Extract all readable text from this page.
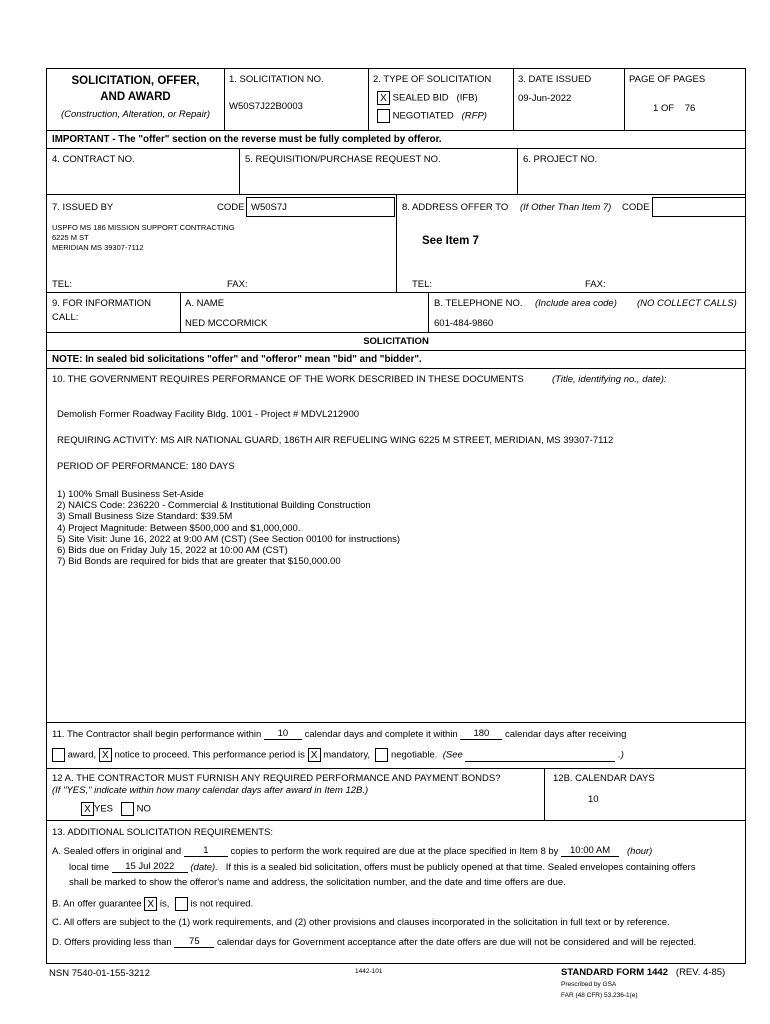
SOLICITATION, OFFER,
AND AWARD
(Construction, Alteration, or Repair)
1. SOLICITATION NO.
W50S7J22B0003
2. TYPE OF SOLICITATION
X SEALED BID (IFB)
NEGOTIATED (RFP)
3. DATE ISSUED
09-Jun-2022
PAGE OF PAGES
1 OF 76
IMPORTANT - The "offer" section on the reverse must be fully completed by offeror.
4. CONTRACT NO.	5. REQUISITION/PURCHASE REQUEST NO.	6. PROJECT NO.
7. ISSUED BY	CODE W50S7J	8. ADDRESS OFFER TO (If Other Than Item 7) CODE
USPFO MS 186 MISSION SUPPORT CONTRACTING
6225 M ST
MERIDIAN MS 39307-7112
See Item 7
TEL:	FAX:	TEL:	FAX:
9. FOR INFORMATION
CALL:
A. NAME
NED MCCORMICK
B. TELEPHONE NO. (Include area code) (NO COLLECT CALLS)
601-484-9860
SOLICITATION
NOTE: In sealed bid solicitations "offer" and "offeror" mean "bid" and "bidder".
10. THE GOVERNMENT REQUIRES PERFORMANCE OF THE WORK DESCRIBED IN THESE DOCUMENTS	(Title, identifying no., date):
Demolish Former Roadway Facility Bldg. 1001 - Project # MDVL212900
REQUIRING ACTIVITY: MS AIR NATIONAL GUARD, 186TH AIR REFUELING WING 6225 M STREET, MERIDIAN, MS 39307-7112
PERIOD OF PERFORMANCE: 180 DAYS
1) 100% Small Business Set-Aside
2) NAICS Code: 236220 - Commercial & Institutional Building Construction
3) Small Business Size Standard: $39.5M
4) Project Magnitude: Between $500,000 and $1,000,000.
5) Site Visit: June 16, 2022 at 9:00 AM (CST) (See Section 00100 for instructions)
6) Bids due on Friday July 15, 2022 at 10:00 AM (CST)
7) Bid Bonds are required for bids that are greater that $150,000.00
11. The Contractor shall begin performance within 10 calendar days and complete it within 180 calendar days after receiving
award, X notice to proceed. This performance period is X mandatory, negotiable. (See	.)
12 A. THE CONTRACTOR MUST FURNISH ANY REQUIRED PERFORMANCE AND PAYMENT BONDS?
(If "YES," indicate within how many calendar days after award in Item 12B.)
X YES NO
12B. CALENDAR DAYS
10
13. ADDITIONAL SOLICITATION REQUIREMENTS:
A. Sealed offers in original and 1 copies to perform the work required are due at the place specified in Item 8 by 10:00 AM (hour)
local time 15 Jul 2022 (date). If this is a sealed bid solicitation, offers must be publicly opened at that time. Sealed envelopes containing offers
shall be marked to show the offeror's name and address, the solicitation number, and the date and time offers are due.
B. An offer guarantee X is, is not required.
C. All offers are subject to the (1) work requirements, and (2) other provisions and clauses incorporated in the solicitation in full text or by reference.
D. Offers providing less than 75 calendar days for Government acceptance after the date offers are due will not be considered and will be rejected.
NSN 7540-01-155-3212	1442-101	STANDARD FORM 1442 (REV. 4-85)
Prescribed by GSA
FAR (48 CFR) 53.236-1(e)
